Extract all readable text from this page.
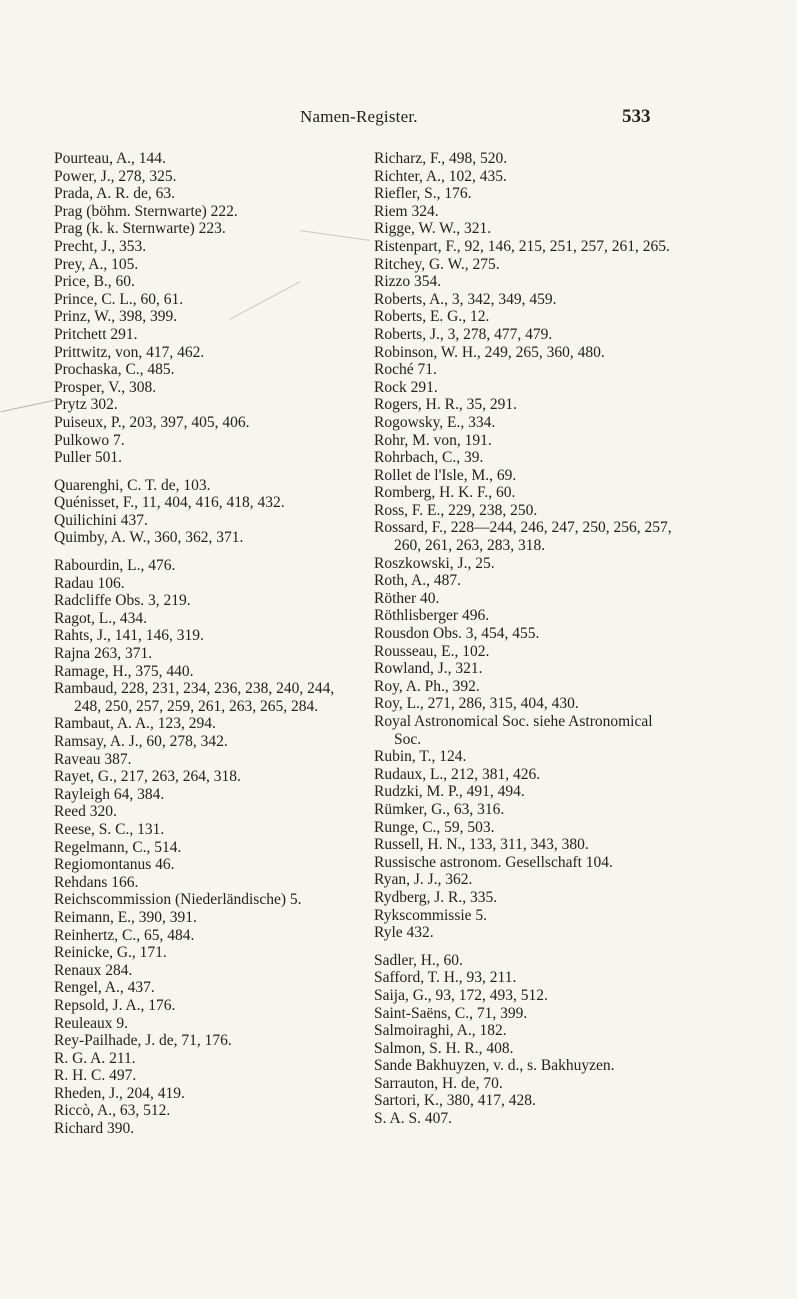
Namen-Register.	533

Pourteau, A., 144.

Power, J., 278, 325.

Prada, A. R. de, 63.

Prag (böhm. Sternwarte) 222.

Prag (k. k. Sternwarte) 223.

Precht, J., 353.

Prey, A., 105.

Price, B., 60.

Prince, C. L., 60, 61.

Prinz, W., 398, 399.

Pritchett 291.

Prittwitz, von, 417, 462.

Prochaska, C., 485.

Prosper, V., 308.

Prytz 302.

Puiseux, P., 203, 397, 405, 406.

Pulkowo 7.

Puller 501.

Quarenghi, C. T. de, 103.

Quénisset, F., 11, 404, 416, 418, 432.

Quilichini 437.

Quimby, A. W., 360, 362, 371.

Rabourdin, L., 476.

Radau 106.

Radcliffe Obs. 3, 219.

Ragot, L., 434.

Rahts, J., 141, 146, 319.

Rajna 263, 371.

Ramage, H., 375, 440.

Rambaud, 228, 231, 234, 236, 238, 240, 244, 248, 250, 257, 259, 261, 263, 265, 284.

Rambaut, A. A., 123, 294.

Ramsay, A. J., 60, 278, 342.

Raveau 387.

Rayet, G., 217, 263, 264, 318.

Rayleigh 64, 384.

Reed 320.

Reese, S. C., 131.

Regelmann, C., 514.

Regiomontanus 46.

Rehdans 166.

Reichscommission (Niederländische) 5.

Reimann, E., 390, 391.

Reinhertz, C., 65, 484.

Reinicke, G., 171.

Renaux 284.

Rengel, A., 437.

Repsold, J. A., 176.

Reuleaux 9.

Rey-Pailhade, J. de, 71, 176.

R. G. A. 211.

R. H. C. 497.

Rheden, J., 204, 419.

Riccò, A., 63, 512.

Richard 390.

Richarz, F., 498, 520.

Richter, A., 102, 435.

Riefler, S., 176.

Riem 324.

Rigge, W. W., 321.

Ristenpart, F., 92, 146, 215, 251, 257, 261, 265.

Ritchey, G. W., 275.

Rizzo 354.

Roberts, A., 3, 342, 349, 459.

Roberts, E. G., 12.

Roberts, J., 3, 278, 477, 479.

Robinson, W. H., 249, 265, 360, 480.

Roché 71.

Rock 291.

Rogers, H. R., 35, 291.

Rogowsky, E., 334.

Rohr, M. von, 191.

Rohrbach, C., 39.

Rollet de l'Isle, M., 69.

Romberg, H. K. F., 60.

Ross, F. E., 229, 238, 250.

Rossard, F., 228—244, 246, 247, 250, 256, 257, 260, 261, 263, 283, 318.

Roszkowski, J., 25.

Roth, A., 487.

Röther 40.

Röthlisberger 496.

Rousdon Obs. 3, 454, 455.

Rousseau, E., 102.

Rowland, J., 321.

Roy, A. Ph., 392.

Roy, L., 271, 286, 315, 404, 430.

Royal Astronomical Soc. siehe Astronomical Soc.

Rubin, T., 124.

Rudaux, L., 212, 381, 426.

Rudzki, M. P., 491, 494.

Rümker, G., 63, 316.

Runge, C., 59, 503.

Russell, H. N., 133, 311, 343, 380.

Russische astronom. Gesellschaft 104.

Ryan, J. J., 362.

Rydberg, J. R., 335.

Rykscommissie 5.

Ryle 432.

Sadler, H., 60.

Safford, T. H., 93, 211.

Saija, G., 93, 172, 493, 512.

Saint-Saëns, C., 71, 399.

Salmoiraghi, A., 182.

Salmon, S. H. R., 408.

Sande Bakhuyzen, v. d., s. Bakhuyzen.

Sarrauton, H. de, 70.

Sartori, K., 380, 417, 428.

S. A. S. 407.
